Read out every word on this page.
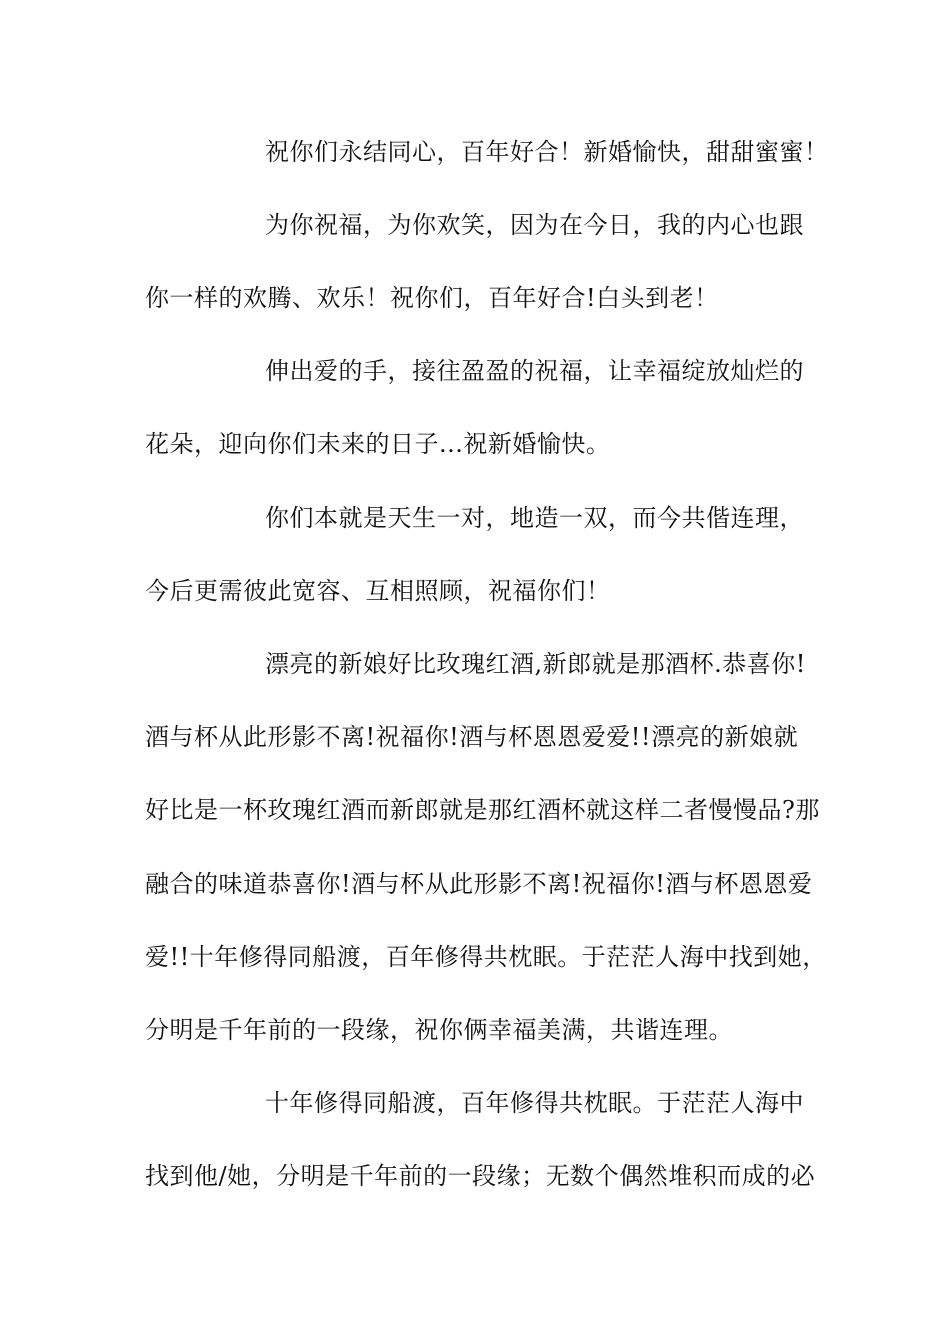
祝你们永结同心，百年好合！新婚愉快，甜甜蜜蜜！
为你祝福，为你欢笑，因为在今日，我的内心也跟
你一样的欢腾、欢乐！祝你们，百年好合!白头到老！
伸出爱的手，接往盈盈的祝福，让幸福绽放灿烂的
花朵，迎向你们未来的日子...祝新婚愉快。
你们本就是天生一对，地造一双，而今共偕连理，
今后更需彼此宽容、互相照顾，祝福你们！
漂亮的新娘好比玫瑰红酒,新郎就是那酒杯.恭喜你!
酒与杯从此形影不离!祝福你!酒与杯恩恩爱爱!!漂亮的新娘就
好比是一杯玫瑰红酒而新郎就是那红酒杯就这样二者慢慢品?那
融合的味道恭喜你!酒与杯从此形影不离!祝福你!酒与杯恩恩爱
爱!!十年修得同船渡，百年修得共枕眠。于茫茫人海中找到她，
分明是千年前的一段缘，祝你俩幸福美满，共谐连理。
十年修得同船渡，百年修得共枕眠。于茫茫人海中
找到他/她，分明是千年前的一段缘；无数个偶然堆积而成的必
